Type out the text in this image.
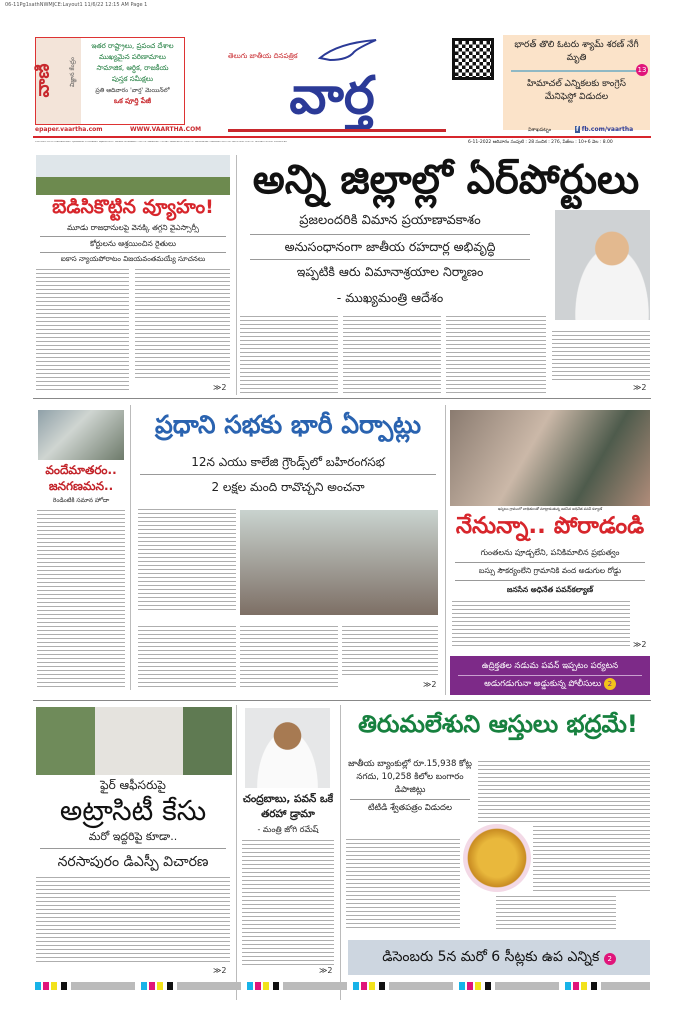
06-11Pg1sathNWMJCE:Layout1 11/6/22 12:15 AM Page 1
వాణి	విజ్ఞాన కేంద్రం
ఇతర రాష్ట్రాలు, ప్రపంచ దేశాల
ముఖ్యమైన పరిణామాలు
సామాజిక, ఆర్థిక, రాజకీయ
పుస్తక సమీక్షలు
ప్రతి ఆదివారం 'వార్త' మెయిన్‌లో
ఒక పూర్తి పేజీ
తెలుగు జాతీయ దినపత్రిక
వార్త
భారత్ తొలి ఓటరు శ్యామ్ శరణ్ నేగీ మృతి
13
హిమాచల్ ఎన్నికలకు కాంగ్రెస్ మేనిఫెస్టో విడుదల
epaper.vaartha.com	WWW.VAARTHA.COM	విశాఖపట్నం	f fb.com/vaartha
PUBLISHED FROM VISAKHAPATNAM, VIJAYAWADA, HYDERABAD, RAJAHMUNDRY, KADAPA, NIZAMABAD, ONGOLE, WARANGAL, TIRUPATI, ANANTAPUR, KURNOOL, KARIMNAGAR, KHAMMAM, NELLORE, NALGONDA, GUNTUR, TADEPALLIGUDEM, SRIKAKULAM	6-11-2022 ఆదివారం సంపుటి : 28 సంచిక : 276, పేజీలు : 10+6 వెల : 8.00
బెడిసికొట్టిన వ్యూహం!
మూడు రాజధానులపై వెనక్కి తగ్గని వైఎస్సార్సీ
కోర్టులను ఆశ్రయించిన రైతులు
ఐకాస న్యాయపోరాటం విజయవంతమయ్యే సూచనలు
≫2
అన్ని జిల్లాల్లో ఏర్‌పోర్టులు
ప్రజలందరికి విమాన ప్రయాణావకాశం
అనుసంధానంగా జాతీయ రహదార్ల అభివృద్ధి
ఇప్పటికి ఆరు విమానాశ్రయాల నిర్మాణం
- ముఖ్యమంత్రి ఆదేశం
≫2
వందేమాతరం.. జనగణమన..
రెండింటికి సమాన హోదా
ప్రధాని సభకు భారీ ఏర్పాట్లు
12న ఎయు కాలేజి గ్రౌండ్స్‌లో బహిరంగసభ
2 లక్షల మంది రావొచ్చని అంచనా
≫2
ఇప్పటం గ్రామంలో బాధితులతో మాట్లాడుతున్న జనసేన అధినేత పవన్ కళ్యాణ్
నేనున్నా.. పోరాడండి
గుంతలను పూడ్చలేని, పనికిమాలిన ప్రభుత్వం
బస్సు సౌకర్యంలేని గ్రామానికి వంద అడుగుల రోడ్డు
జనసేన అధినేత పవన్‌కల్యాణ్
≫2
ఉద్రిక్తతల నడుమ పవన్ ఇప్పటం పర్యటన
అడుగడుగునా అడ్డుకున్న పోలీసులు 2
ఫైర్ ఆఫీసరుపై
అట్రాసిటీ కేసు
మరో ఇద్దరిపై కూడా..
నరసాపురం డిఎస్పీ విచారణ
≫2
చంద్రబాబు, పవన్ ఒకే తరహా డ్రామా
- మంత్రి జోగి రమేష్
≫2
తిరుమలేశుని ఆస్తులు భద్రమే!
జాతీయ బ్యాంకుల్లో రూ.15,938 కోట్ల నగదు, 10,258 కిలోల బంగారం డిపాజిట్లు
టిటిడి శ్వేతపత్రం విడుదల
డిసెంబరు 5న మరో 6 సీట్లకు ఉప ఎన్నిక 2
